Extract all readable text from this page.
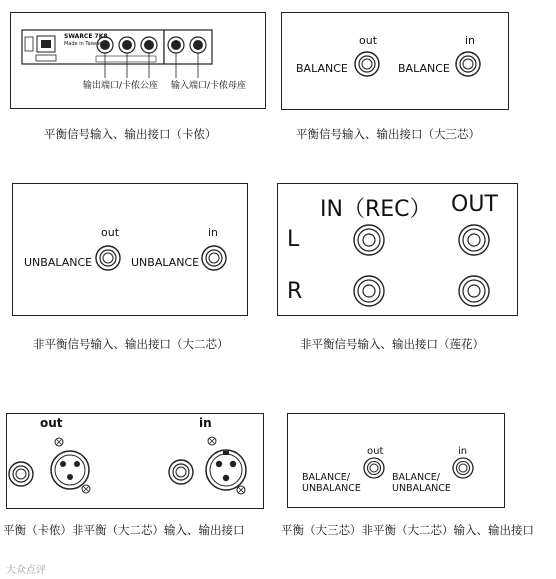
SWARCE 7K8
Made in Taiwan
输出端口/卡侬公座 输入端口/卡侬母座
平衡信号输入、输出接口（卡侬）
out	in
BALANCE	BALANCE
平衡信号输入、输出接口（大三芯）
out	in
UNBALANCE	UNBALANCE
非平衡信号输入、输出接口（大二芯）
IN（REC） OUT
L
R
非平衡信号输入、输出接口（莲花）
out	in
平衡（卡侬）非平衡（大二芯）输入、输出接口
out	in
BALANCE/
UNBALANCE
BALANCE/
UNBALANCE
平衡（大三芯）非平衡（大二芯）输入、输出接口
大众点评
